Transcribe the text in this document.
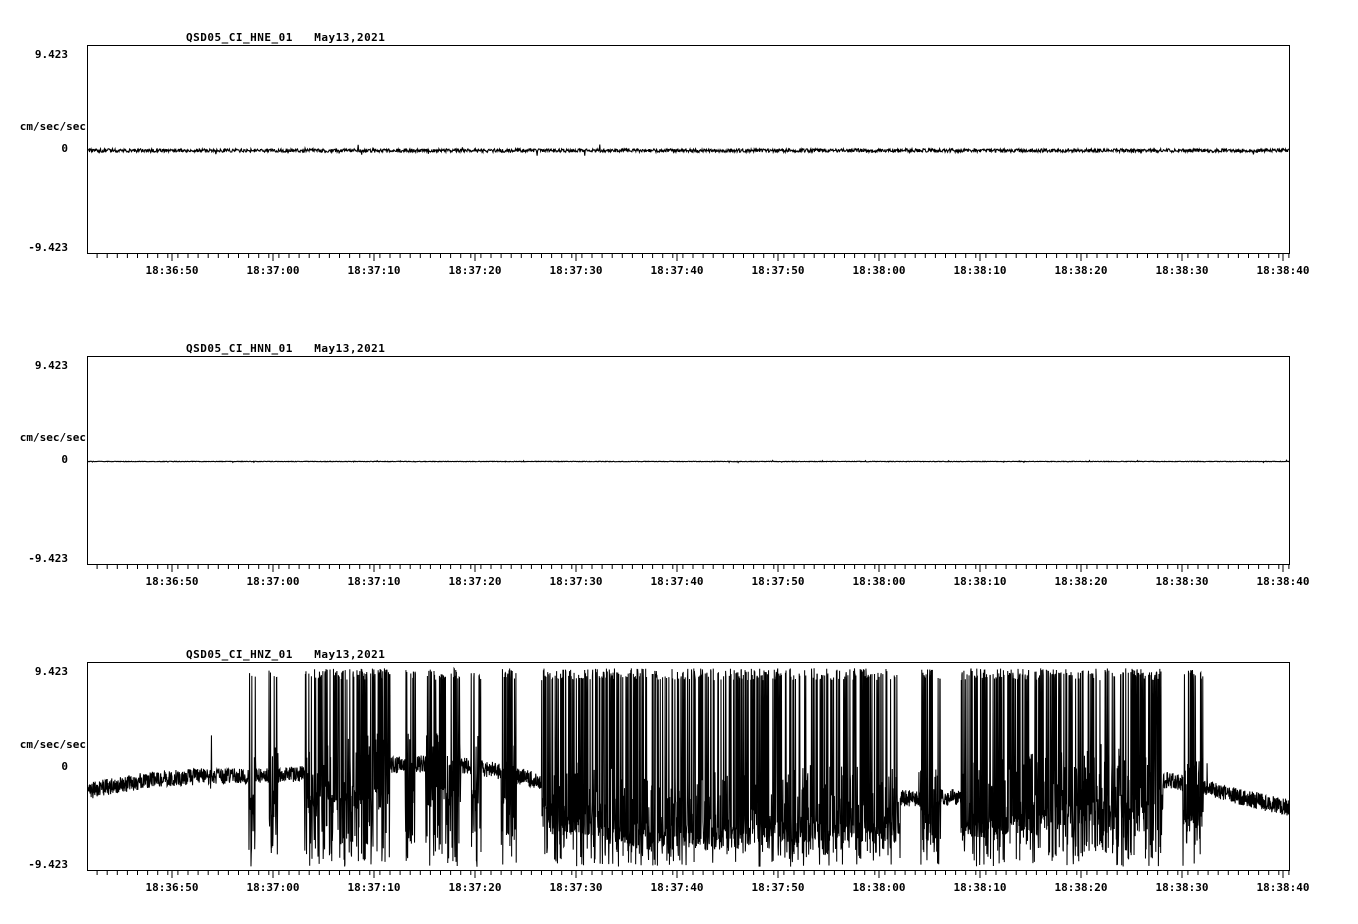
9.423
cm/sec/sec
0
-9.423
QSD05_CI_HNE_01   May13,2021
18:36:50	18:37:00	18:37:10	18:37:20	18:37:30	18:37:40	18:37:50	18:38:00	18:38:10	18:38:20	18:38:30	18:38:40
9.423
cm/sec/sec
0
-9.423
QSD05_CI_HNN_01   May13,2021
18:36:50	18:37:00	18:37:10	18:37:20	18:37:30	18:37:40	18:37:50	18:38:00	18:38:10	18:38:20	18:38:30	18:38:40
9.423
cm/sec/sec
0
-9.423
QSD05_CI_HNZ_01   May13,2021
18:36:50	18:37:00	18:37:10	18:37:20	18:37:30	18:37:40	18:37:50	18:38:00	18:38:10	18:38:20	18:38:30	18:38:40
